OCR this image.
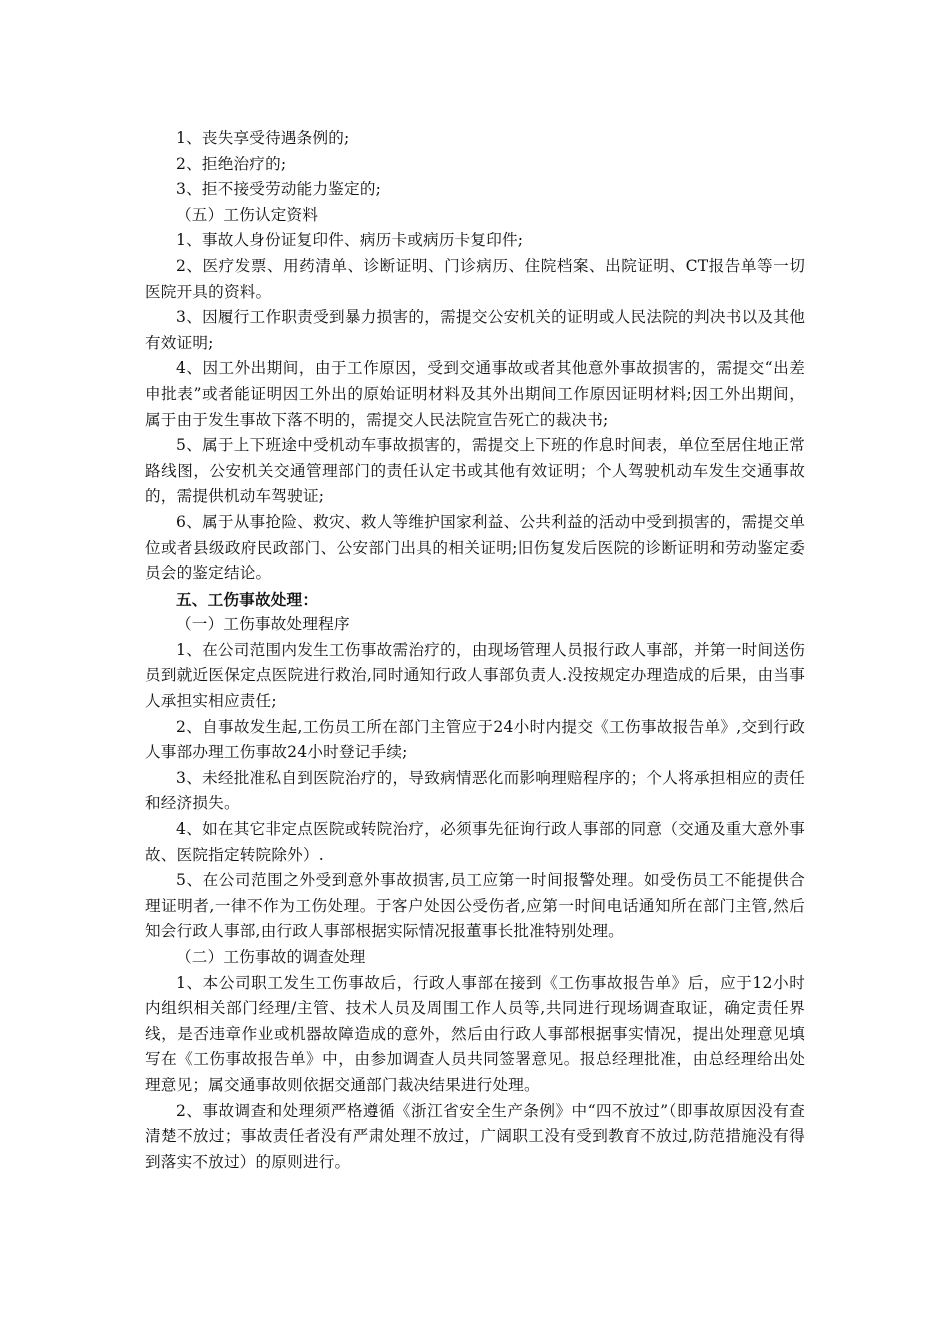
1、丧失享受待遇条例的;

2、拒绝治疗的;

3、拒不接受劳动能力鉴定的;

（五）工伤认定资料

1、事故人身份证复印件、病历卡或病历卡复印件;

2、医疗发票、用药清单、诊断证明、门诊病历、住院档案、出院证明、CT报告单等一切医院开具的资料。

3、因履行工作职责受到暴力损害的，需提交公安机关的证明或人民法院的判决书以及其他有效证明;

4、因工外出期间，由于工作原因，受到交通事故或者其他意外事故损害的，需提交“出差申批表”或者能证明因工外出的原始证明材料及其外出期间工作原因证明材料;因工外出期间，属于由于发生事故下落不明的，需提交人民法院宣告死亡的裁决书;

5、属于上下班途中受机动车事故损害的，需提交上下班的作息时间表，单位至居住地正常路线图，公安机关交通管理部门的责任认定书或其他有效证明；个人驾驶机动车发生交通事故的，需提供机动车驾驶证;

6、属于从事抢险、救灾、救人等维护国家利益、公共利益的活动中受到损害的，需提交单位或者县级政府民政部门、公安部门出具的相关证明;旧伤复发后医院的诊断证明和劳动鉴定委员会的鉴定结论。

五、工伤事故处理：

（一）工伤事故处理程序

1、在公司范围内发生工伤事故需治疗的，由现场管理人员报行政人事部，并第一时间送伤员到就近医保定点医院进行救治,同时通知行政人事部负责人.没按规定办理造成的后果，由当事人承担实相应责任;

2、自事故发生起,工伤员工所在部门主管应于24小时内提交《工伤事故报告单》,交到行政人事部办理工伤事故24小时登记手续;

3、未经批准私自到医院治疗的，导致病情恶化而影响理赔程序的；个人将承担相应的责任和经济损失。

4、如在其它非定点医院或转院治疗，必须事先征询行政人事部的同意（交通及重大意外事故、医院指定转院除外）.

5、在公司范围之外受到意外事故损害,员工应第一时间报警处理。如受伤员工不能提供合理证明者,一律不作为工伤处理。于客户处因公受伤者,应第一时间电话通知所在部门主管,然后知会行政人事部,由行政人事部根据实际情况报董事长批准特别处理。

（二）工伤事故的调查处理

1、本公司职工发生工伤事故后，行政人事部在接到《工伤事故报告单》后，应于12小时内组织相关部门经理/主管、技术人员及周围工作人员等,共同进行现场调查取证，确定责任界线，是否违章作业或机器故障造成的意外，然后由行政人事部根据事实情况，提出处理意见填写在《工伤事故报告单》中，由参加调查人员共同签署意见。报总经理批准，由总经理给出处理意见；属交通事故则依据交通部门裁决结果进行处理。

2、事故调查和处理须严格遵循《浙江省安全生产条例》中“四不放过”（即事故原因没有查清楚不放过；事故责任者没有严肃处理不放过，广阔职工没有受到教育不放过,防范措施没有得到落实不放过）的原则进行。
